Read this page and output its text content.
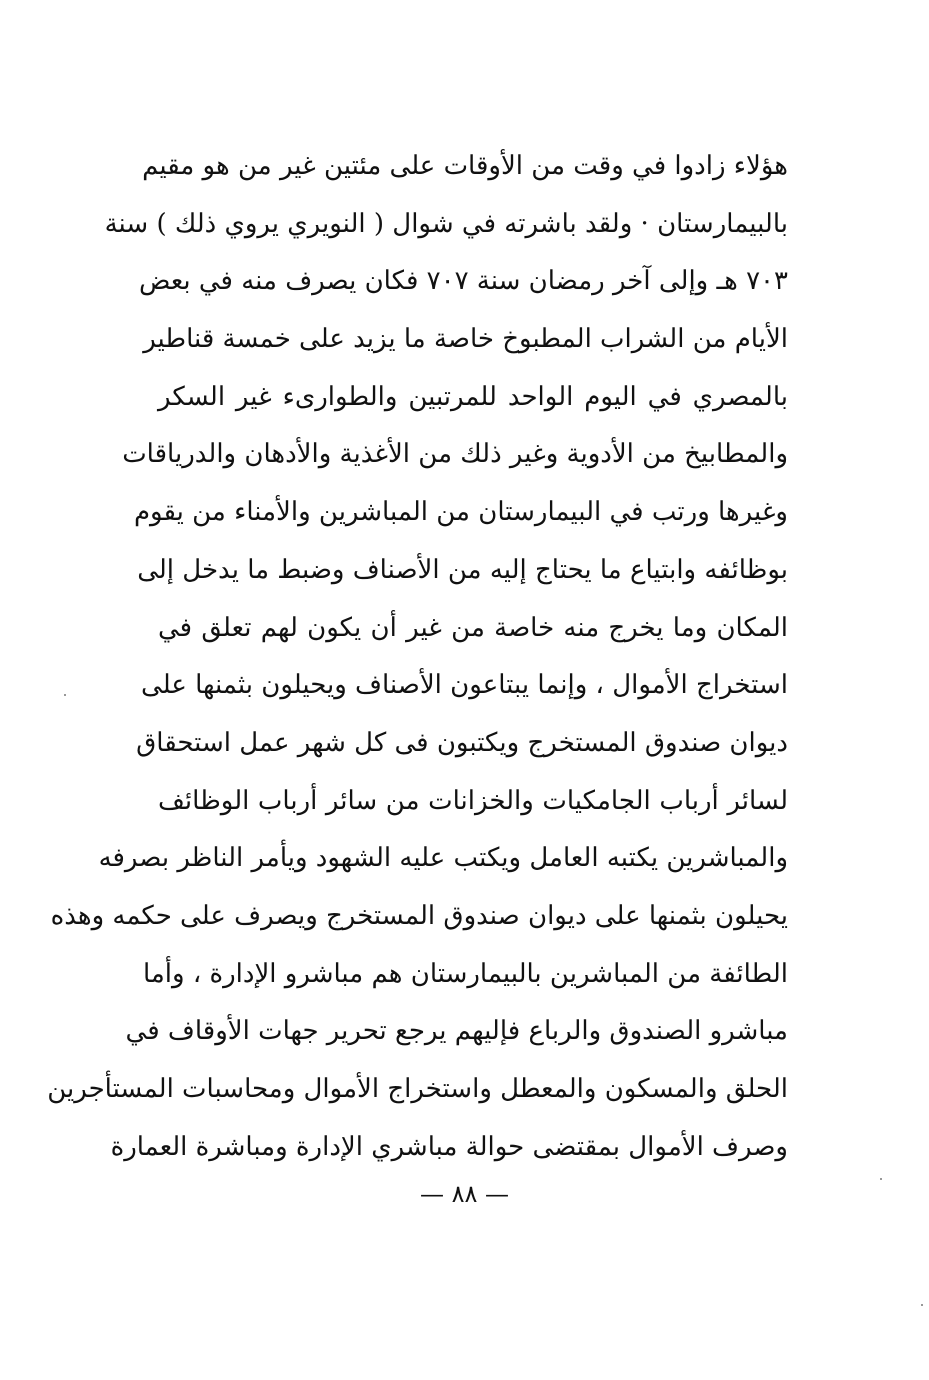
هؤلاء زادوا في وقت من الأوقات على مئتين غير من هو مقيم
بالبيمارستان · ولقد باشرته في شوال ( النويري يروي ذلك ) سنة
٧٠٣ هـ وإلى آخر رمضان سنة ٧٠٧ فكان يصرف منه في بعض
الأيام من الشراب المطبوخ خاصة ما يزيد على خمسة قناطير
بالمصري في اليوم الواحد للمرتبين والطوارىء غير السكر
والمطابيخ من الأدوية وغير ذلك من الأغذية والأدهان والدرياقات
وغيرها ورتب في البيمارستان من المباشرين والأمناء من يقوم
بوظائفه وابتياع ما يحتاج إليه من الأصناف وضبط ما يدخل إلى
المكان وما يخرج منه خاصة من غير أن يكون لهم تعلق في
استخراج الأموال ، وإنما يبتاعون الأصناف ويحيلون بثمنها على
ديوان صندوق المستخرج ويكتبون فى كل شهر عمل استحقاق
لسائر أرباب الجامكيات والخزانات من سائر أرباب الوظائف
والمباشرين يكتبه العامل ويكتب عليه الشهود ويأمر الناظر بصرفه
يحيلون بثمنها على ديوان صندوق المستخرج ويصرف على حكمه وهذه
الطائفة من المباشرين بالبيمارستان هم مباشرو الإدارة ، وأما
مباشرو الصندوق والرباع فإليهم يرجع تحرير جهات الأوقاف في
الحلق والمسكون والمعطل واستخراج الأموال ومحاسبات المستأجرين
وصرف الأموال بمقتضى حوالة مباشري الإدارة ومباشرة العمارة
— ٨٨ —
